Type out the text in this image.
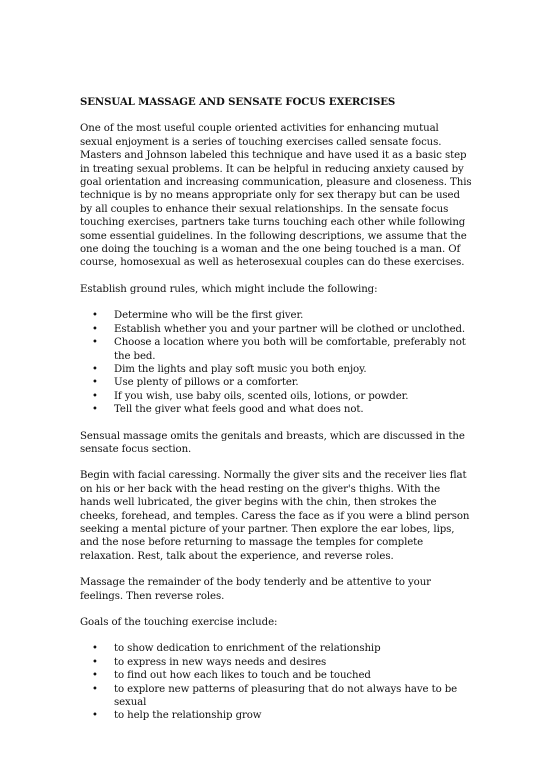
SENSUAL MASSAGE AND SENSATE FOCUS EXERCISES

One of the most useful couple oriented activities for enhancing mutual sexual enjoyment is a series of touching exercises called sensate focus. Masters and Johnson labeled this technique and have used it as a basic step in treating sexual problems. It can be helpful in reducing anxiety caused by goal orientation and increasing communication, pleasure and closeness. This technique is by no means appropriate only for sex therapy but can be used by all couples to enhance their sexual relationships. In the sensate focus touching exercises, partners take turns touching each other while following some essential guidelines. In the following descriptions, we assume that the one doing the touching is a woman and the one being touched is a man. Of course, homosexual as well as heterosexual couples can do these exercises.

Establish ground rules, which might include the following:

• Determine who will be the first giver.
• Establish whether you and your partner will be clothed or unclothed.
• Choose a location where you both will be comfortable, preferably not the bed.
• Dim the lights and play soft music you both enjoy.
• Use plenty of pillows or a comforter.
• If you wish, use baby oils, scented oils, lotions, or powder.
• Tell the giver what feels good and what does not.

Sensual massage omits the genitals and breasts, which are discussed in the sensate focus section.

Begin with facial caressing. Normally the giver sits and the receiver lies flat on his or her back with the head resting on the giver's thighs. With the hands well lubricated, the giver begins with the chin, then strokes the cheeks, forehead, and temples. Caress the face as if you were a blind person seeking a mental picture of your partner. Then explore the ear lobes, lips, and the nose before returning to massage the temples for complete relaxation. Rest, talk about the experience, and reverse roles.

Massage the remainder of the body tenderly and be attentive to your feelings. Then reverse roles.

Goals of the touching exercise include:

• to show dedication to enrichment of the relationship
• to express in new ways needs and desires
• to find out how each likes to touch and be touched
• to explore new patterns of pleasuring that do not always have to be sexual
• to help the relationship grow
